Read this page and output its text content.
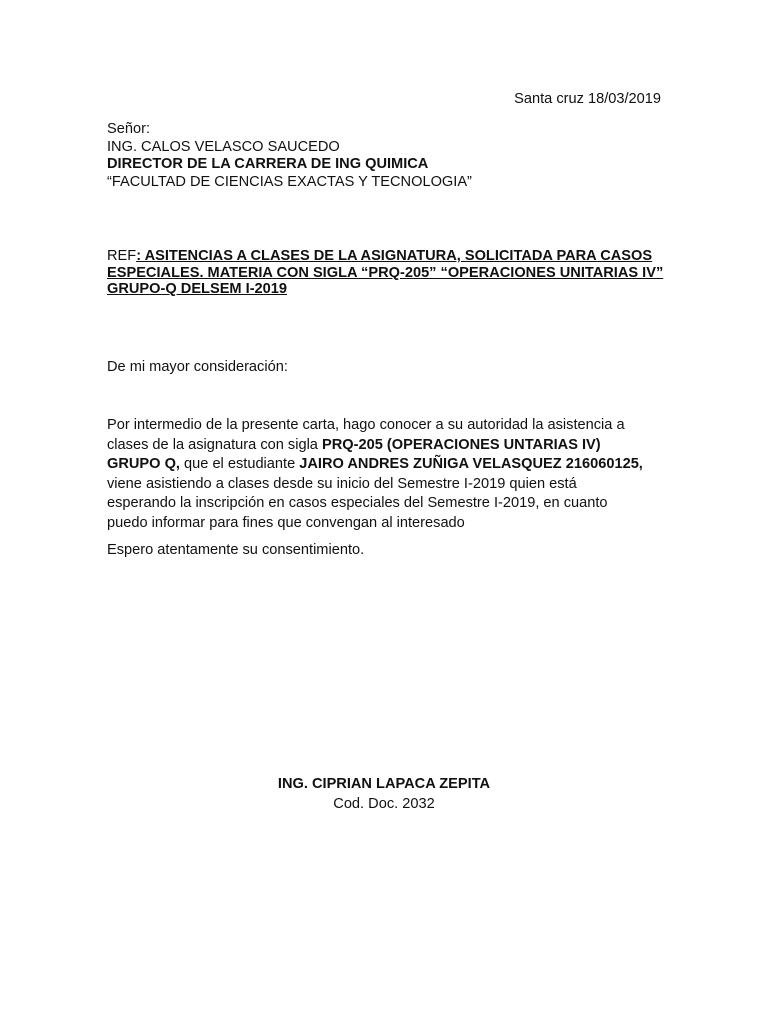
Santa cruz 18/03/2019
Señor:
ING. CALOS VELASCO SAUCEDO
DIRECTOR DE LA CARRERA DE ING QUIMICA
“FACULTAD DE CIENCIAS EXACTAS Y TECNOLOGIA”
REF: ASITENCIAS A CLASES DE LA ASIGNATURA, SOLICITADA PARA CASOS
ESPECIALES. MATERIA CON SIGLA “PRQ-205” “OPERACIONES UNITARIAS IV”
GRUPO-Q DELSEM I-2019
De mi mayor consideración:
Por intermedio de la presente carta, hago conocer a su autoridad la asistencia a
clases de la asignatura con sigla PRQ-205 (OPERACIONES UNTARIAS IV)
GRUPO Q, que el estudiante JAIRO ANDRES ZUÑIGA VELASQUEZ 216060125,
viene asistiendo a clases desde su inicio del Semestre I-2019 quien está
esperando la inscripción en casos especiales del Semestre I-2019, en cuanto
puedo informar para fines que convengan al interesado
Espero atentamente su consentimiento.
ING. CIPRIAN LAPACA ZEPITA
Cod. Doc. 2032
